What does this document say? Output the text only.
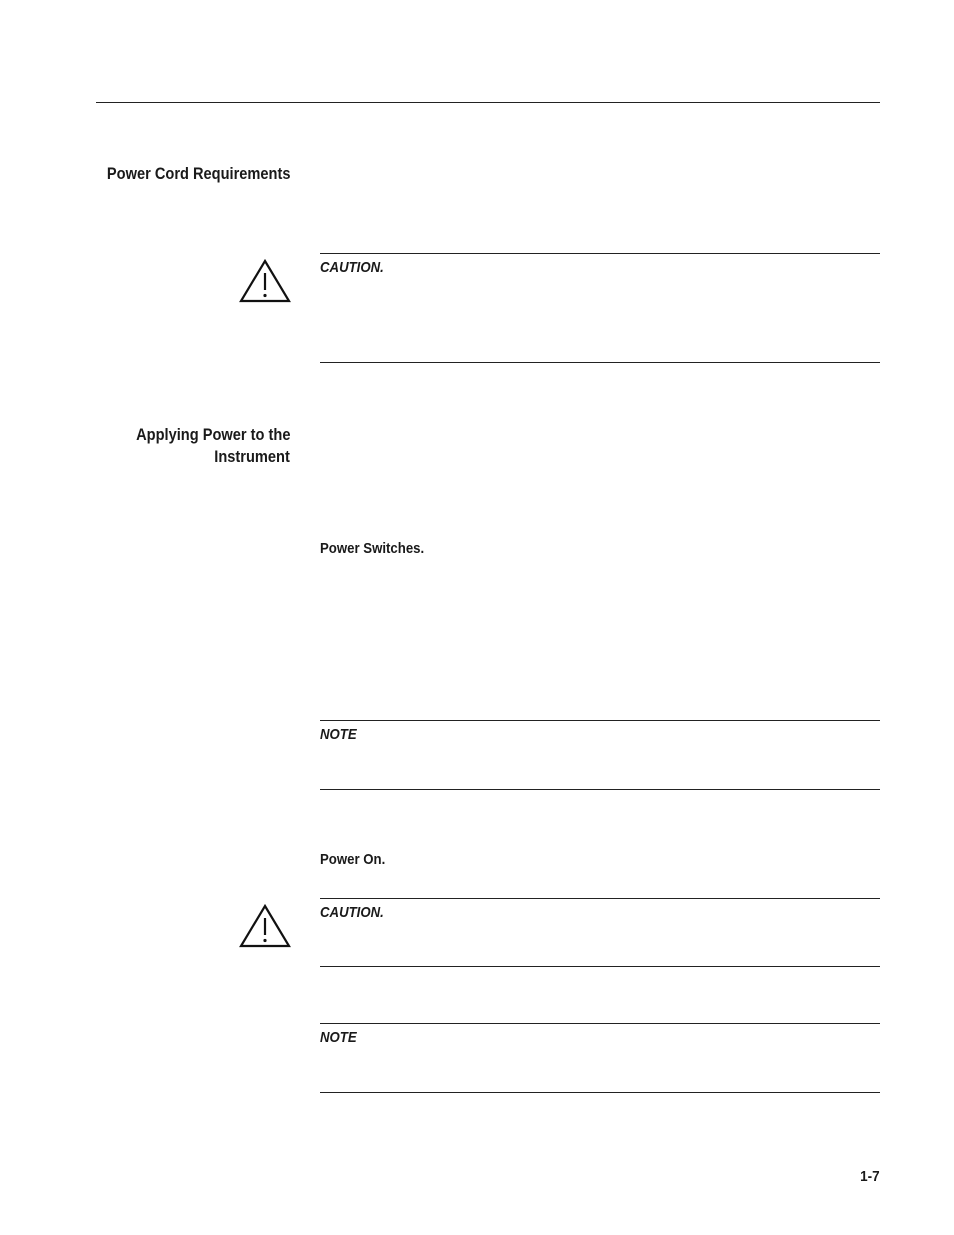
Power Cord Requirements
CAUTION.
Applying Power to the
Instrument
Power Switches.
NOTE
Power On.
CAUTION.
NOTE
1-7
